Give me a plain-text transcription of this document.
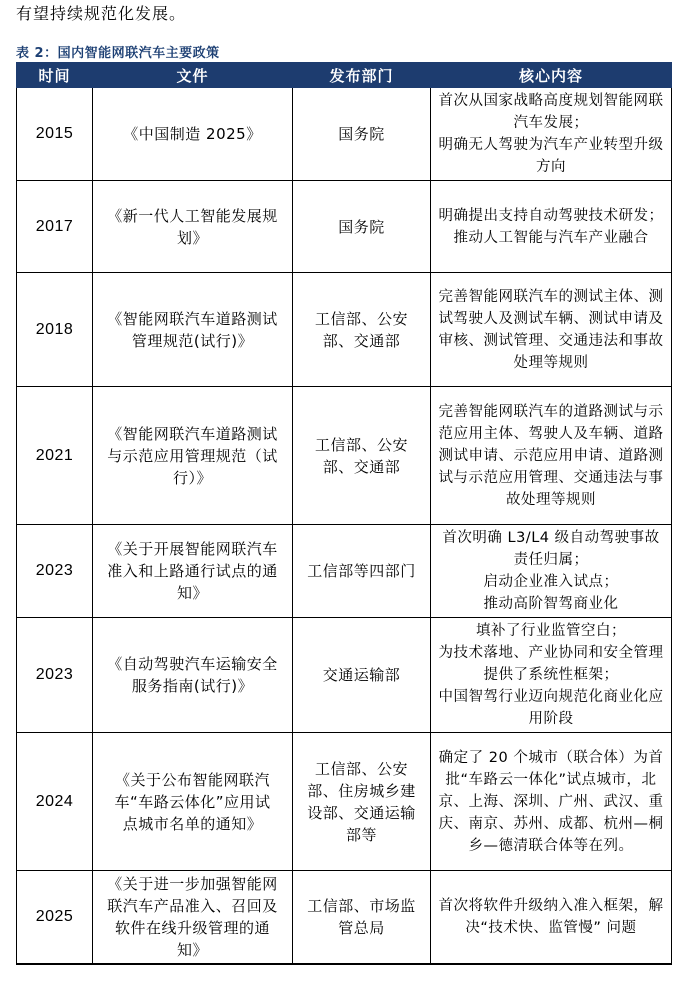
有望持续规范化发展。
表 2：国内智能网联汽车主要政策
时间	文件	发布部门	核心内容
2015	《中国制造 2025》	国务院	首次从国家战略高度规划智能网联汽车发展；
明确无人驾驶为汽车产业转型升级方向

2017	《新一代人工智能发展规划》	国务院	明确提出支持自动驾驶技术研发；
推动人工智能与汽车产业融合

2018	《智能网联汽车道路测试管理规范(试行)》	工信部、公安部、交通部	完善智能网联汽车的测试主体、测试驾驶人及测试车辆、测试申请及审核、测试管理、交通违法和事故处理等规则

2021	《智能网联汽车道路测试与示范应用管理规范（试行）》	工信部、公安部、交通部	完善智能网联汽车的道路测试与示范应用主体、驾驶人及车辆、道路测试申请、示范应用申请、道路测试与示范应用管理、交通违法与事故处理等规则

2023	《关于开展智能网联汽车准入和上路通行试点的通知》	工信部等四部门	首次明确 L3/L4 级自动驾驶事故责任归属；
启动企业准入试点；
推动高阶智驾商业化

2023	《自动驾驶汽车运输安全服务指南(试行)》	交通运输部	填补了行业监管空白；
为技术落地、产业协同和安全管理提供了系统性框架；
中国智驾行业迈向规范化商业化应用阶段

2024	《关于公布智能网联汽车“车路云体化”应用试点城市名单的通知》	工信部、公安部、住房城乡建设部、交通运输部等	确定了 20 个城市（联合体）为首批“车路云一体化”试点城市，北京、上海、深圳、广州、武汉、重庆、南京、苏州、成都、杭州—桐乡—德清联合体等在列。

2025	《关于进一步加强智能网联汽车产品准入、召回及软件在线升级管理的通知》	工信部、市场监管总局	首次将软件升级纳入准入框架，解决“技术快、监管慢” 问题
